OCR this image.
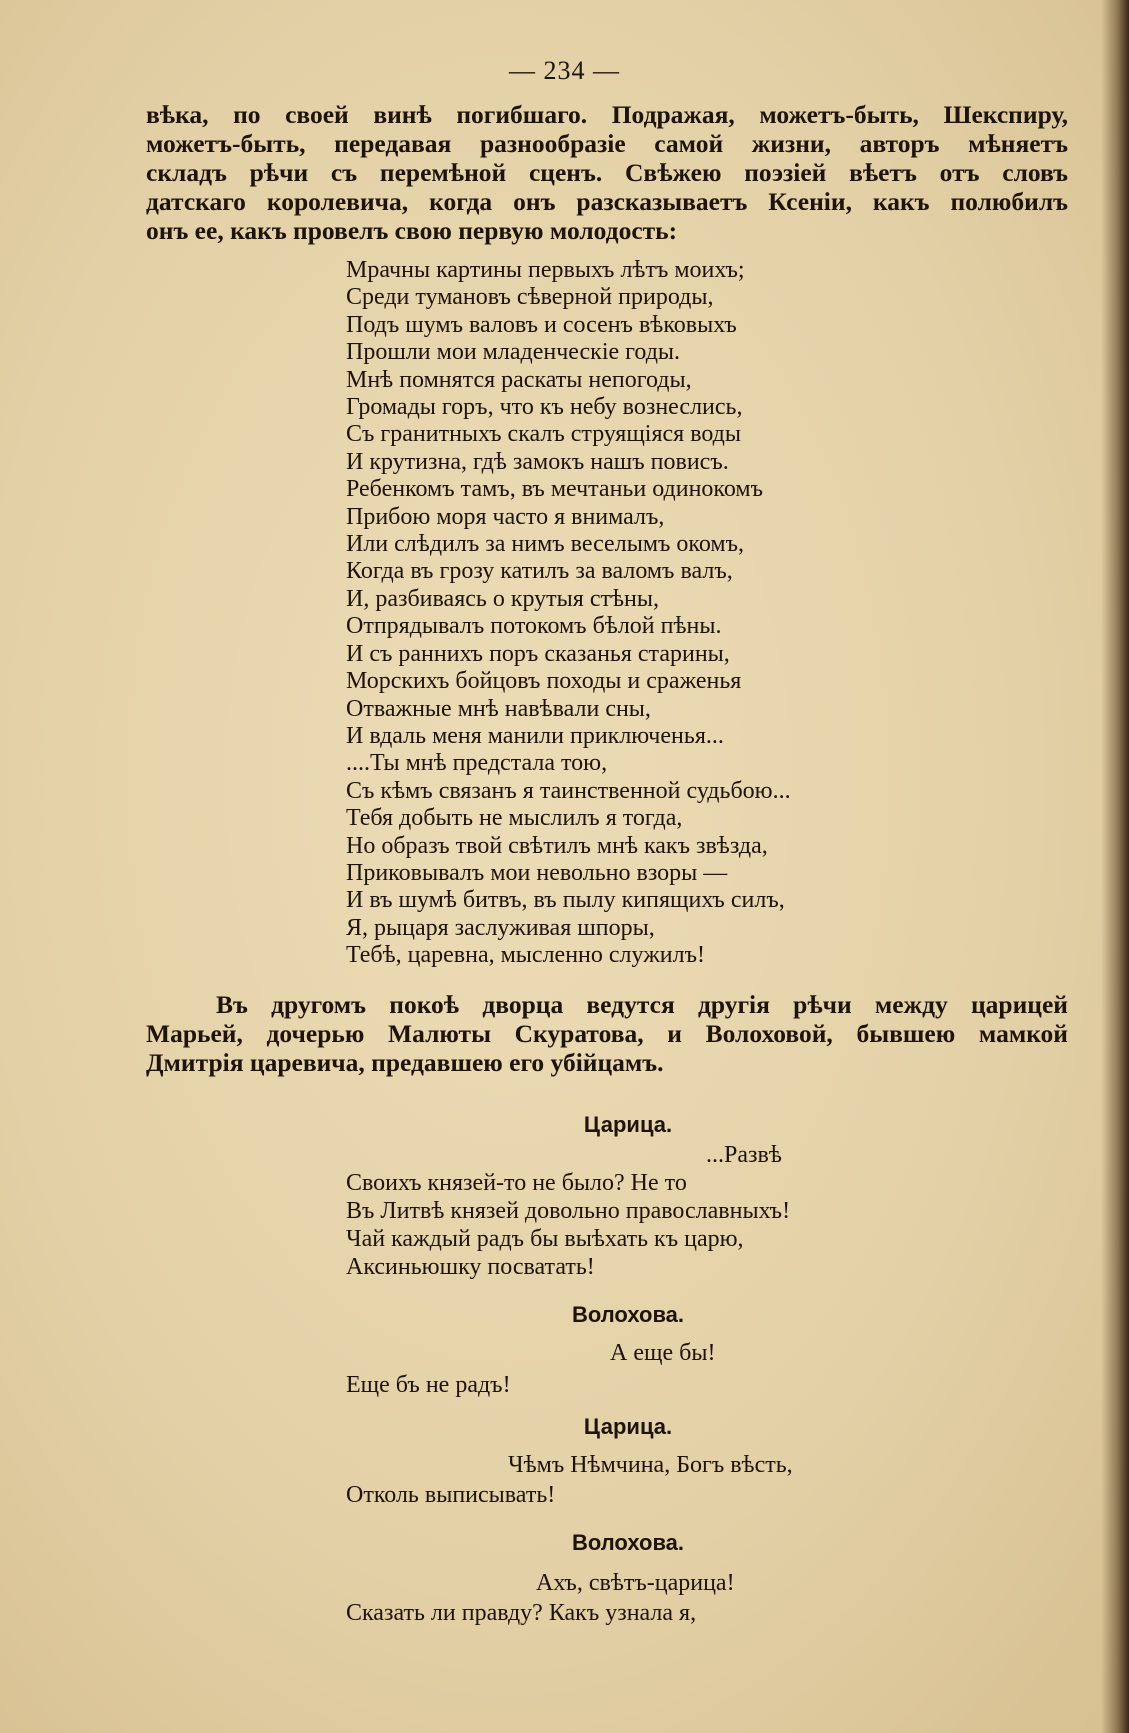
— 234 —
вѣка, по своей винѣ погибшаго. Подражая, можетъ-быть, Шекспиру,
можетъ-быть, передавая разнообразіе самой жизни, авторъ мѣняетъ
складъ рѣчи съ перемѣной сценъ. Свѣжею поэзіей вѣетъ отъ словъ
датскаго королевича, когда онъ разсказываетъ Ксеніи, какъ полюбилъ
онъ ее, какъ провелъ свою первую молодость:
Мрачны картины первыхъ лѣтъ моихъ;
Среди тумановъ сѣверной природы,
Подъ шумъ валовъ и сосенъ вѣковыхъ
Прошли мои младенческіе годы.
Мнѣ помнятся раскаты непогоды,
Громады горъ, что къ небу вознеслись,
Съ гранитныхъ скалъ струящіяся воды
И крутизна, гдѣ замокъ нашъ повисъ.
Ребенкомъ тамъ, въ мечтаньи одинокомъ
Прибою моря часто я внималъ,
Или слѣдилъ за нимъ веселымъ окомъ,
Когда въ грозу катилъ за валомъ валъ,
И, разбиваясь о крутыя стѣны,
Отпрядывалъ потокомъ бѣлой пѣны.
И съ раннихъ поръ сказанья старины,
Морскихъ бойцовъ походы и сраженья
Отважные мнѣ навѣвали сны,
И вдаль меня манили приключенья...
....Ты мнѣ предстала тою,
Съ кѣмъ связанъ я таинственной судьбою...
Тебя добыть не мыслилъ я тогда,
Но образъ твой свѣтилъ мнѣ какъ звѣзда,
Приковывалъ мои невольно взоры —
И въ шумѣ битвъ, въ пылу кипящихъ силъ,
Я, рыцаря заслуживая шпоры,
Тебѣ, царевна, мысленно служилъ!
Въ другомъ покоѣ дворца ведутся другія рѣчи между царицей
Марьей, дочерью Малюты Скуратова, и Волоховой, бывшею мамкой
Дмитрія царевича, предавшею его убійцамъ.
Царица.
...Развѣ
Своихъ князей-то не было? Не то
Въ Литвѣ князей довольно православныхъ!
Чай каждый радъ бы выѣхать къ царю,
Аксиньюшку посватать!
Волохова.
А еще бы!
Еще бъ не радъ!
Царица.
Чѣмъ Нѣмчина, Богъ вѣсть,
Отколь выписывать!
Волохова.
Ахъ, свѣтъ-царица!
Сказать ли правду? Какъ узнала я,
